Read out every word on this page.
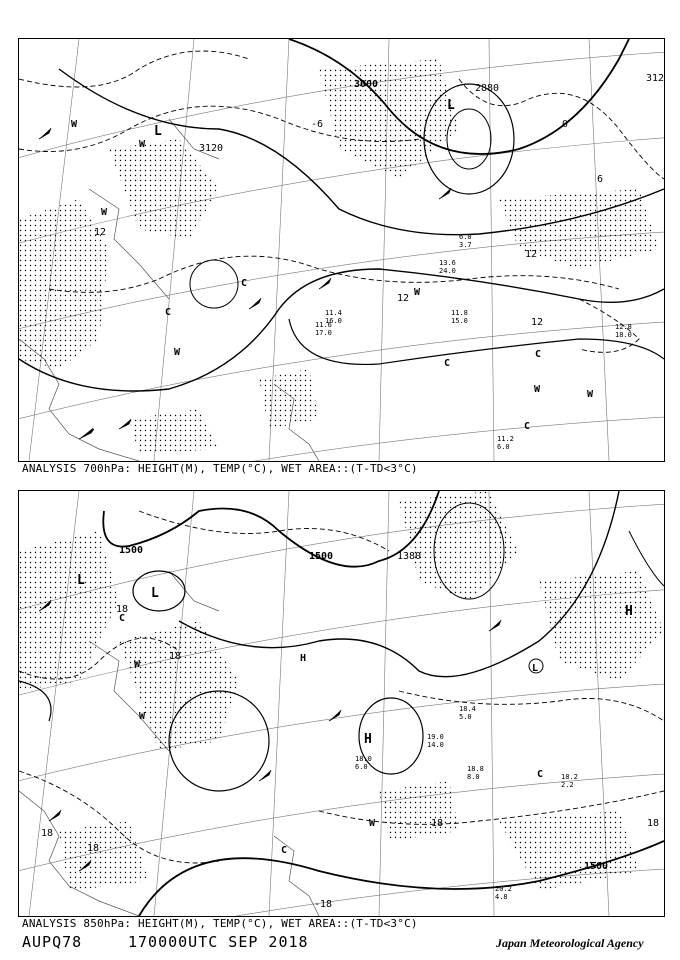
L
L
W
W
W
W
W
W	W
C
C
C
C
C
3000	2880
3120
312
12
12
12
12
0
6
-6
11.2
6.0
11.8
15.0
13.6
24.0
11.6
17.0
11.4
16.0
12.8
18.0
6.0
3.7
ANALYSIS 700hPa: HEIGHT(M), TEMP(°C), WET AREA::(T-TD<3°C)
L
L
L
H
H
H
W
W
W
C
C
C
1500
1500
1500
1380
18
18
18
18
18	18
-18
20.2
4.8
18.8
8.0	18.2
2.2
18.0
6.0
18.4
5.0
19.0
14.0
ANALYSIS 850hPa: HEIGHT(M), TEMP(°C), WET AREA::(T-TD<3°C)
AUPQ78	170000UTC SEP 2018	Japan Meteorological Agency
